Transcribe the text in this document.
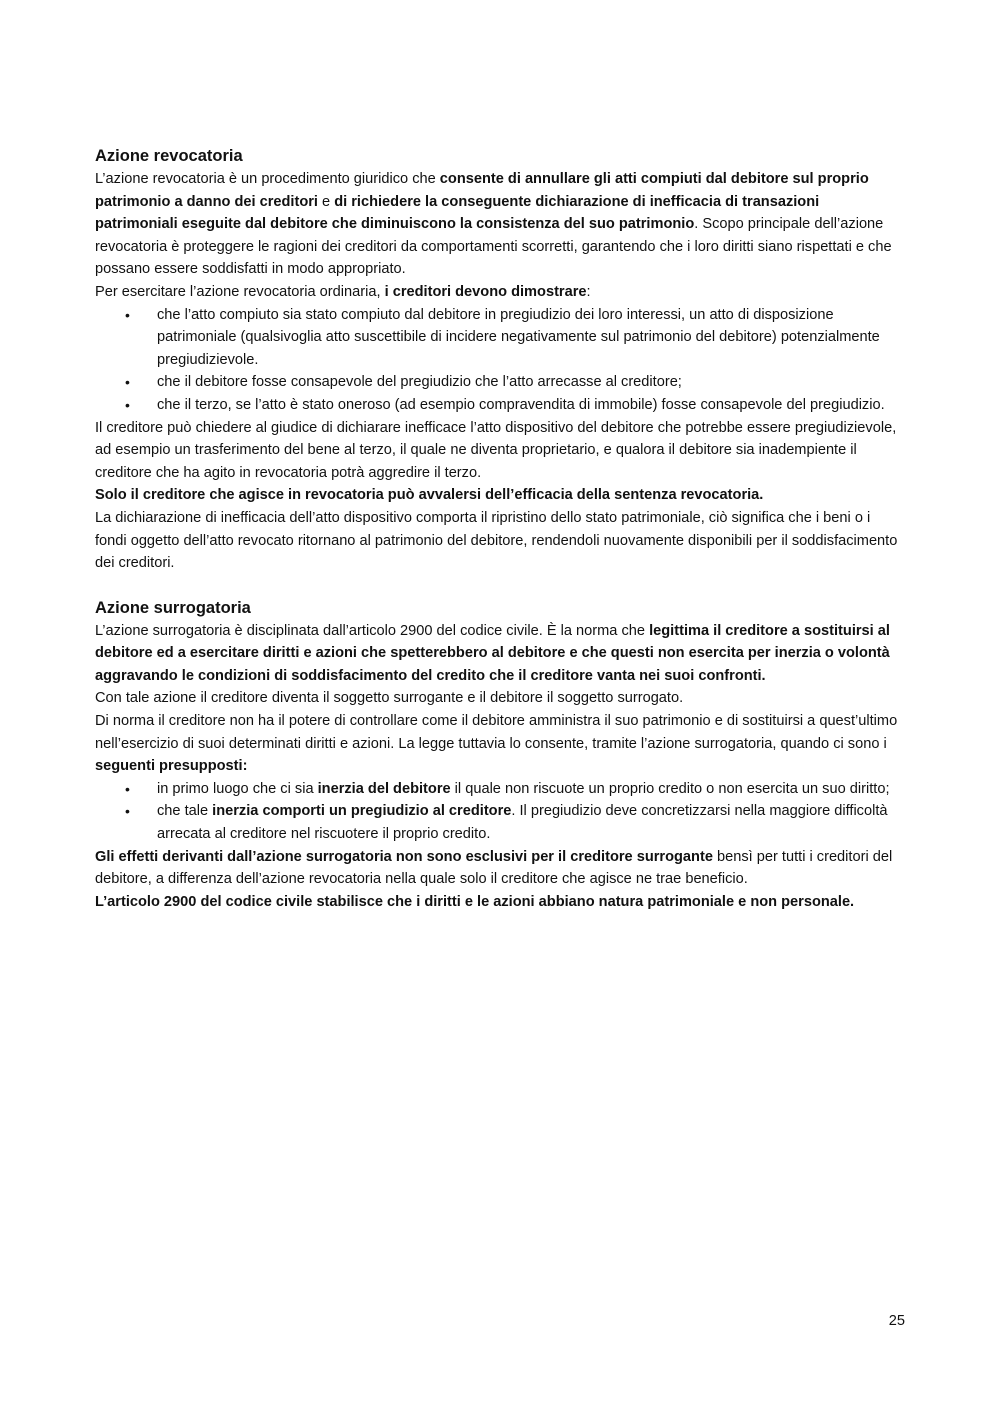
Azione revocatoria

L’azione revocatoria è un procedimento giuridico che consente di annullare gli atti compiuti dal debitore sul proprio patrimonio a danno dei creditori e di richiedere la conseguente dichiarazione di inefficacia di transazioni patrimoniali eseguite dal debitore che diminuiscono la consistenza del suo patrimonio. Scopo principale dell’azione revocatoria è proteggere le ragioni dei creditori da comportamenti scorretti, garantendo che i loro diritti siano rispettati e che possano essere soddisfatti in modo appropriato.

Per esercitare l’azione revocatoria ordinaria, i creditori devono dimostrare:

• che l’atto compiuto sia stato compiuto dal debitore in pregiudizio dei loro interessi, un atto di disposizione patrimoniale (qualsivoglia atto suscettibile di incidere negativamente sul patrimonio del debitore) potenzialmente pregiudizievole.
• che il debitore fosse consapevole del pregiudizio che l’atto arrecasse al creditore;
• che il terzo, se l’atto è stato oneroso (ad esempio compravendita di immobile) fosse consapevole del pregiudizio.

Il creditore può chiedere al giudice di dichiarare inefficace l’atto dispositivo del debitore che potrebbe essere pregiudizievole, ad esempio un trasferimento del bene al terzo, il quale ne diventa proprietario, e qualora il debitore sia inadempiente il creditore che ha agito in revocatoria potrà aggredire il terzo.

Solo il creditore che agisce in revocatoria può avvalersi dell’efficacia della sentenza revocatoria.

La dichiarazione di inefficacia dell’atto dispositivo comporta il ripristino dello stato patrimoniale, ciò significa che i beni o i fondi oggetto dell’atto revocato ritornano al patrimonio del debitore, rendendoli nuovamente disponibili per il soddisfacimento dei creditori.

Azione surrogatoria

L’azione surrogatoria è disciplinata dall’articolo 2900 del codice civile. È la norma che legittima il creditore a sostituirsi al debitore ed a esercitare diritti e azioni che spetterebbero al debitore e che questi non esercita per inerzia o volontà aggravando le condizioni di soddisfacimento del credito che il creditore vanta nei suoi confronti.

Con tale azione il creditore diventa il soggetto surrogante e il debitore il soggetto surrogato.

Di norma il creditore non ha il potere di controllare come il debitore amministra il suo patrimonio e di sostituirsi a quest’ultimo nell’esercizio di suoi determinati diritti e azioni. La legge tuttavia lo consente, tramite l’azione surrogatoria, quando ci sono i seguenti presupposti:

• in primo luogo che ci sia inerzia del debitore il quale non riscuote un proprio credito o non esercita un suo diritto;
• che tale inerzia comporti un pregiudizio al creditore. Il pregiudizio deve concretizzarsi nella maggiore difficoltà arrecata al creditore nel riscuotere il proprio credito.

Gli effetti derivanti dall’azione surrogatoria non sono esclusivi per il creditore surrogante bensì per tutti i creditori del debitore, a differenza dell’azione revocatoria nella quale solo il creditore che agisce ne trae beneficio.

L’articolo 2900 del codice civile stabilisce che i diritti e le azioni abbiano natura patrimoniale e non personale.

25
